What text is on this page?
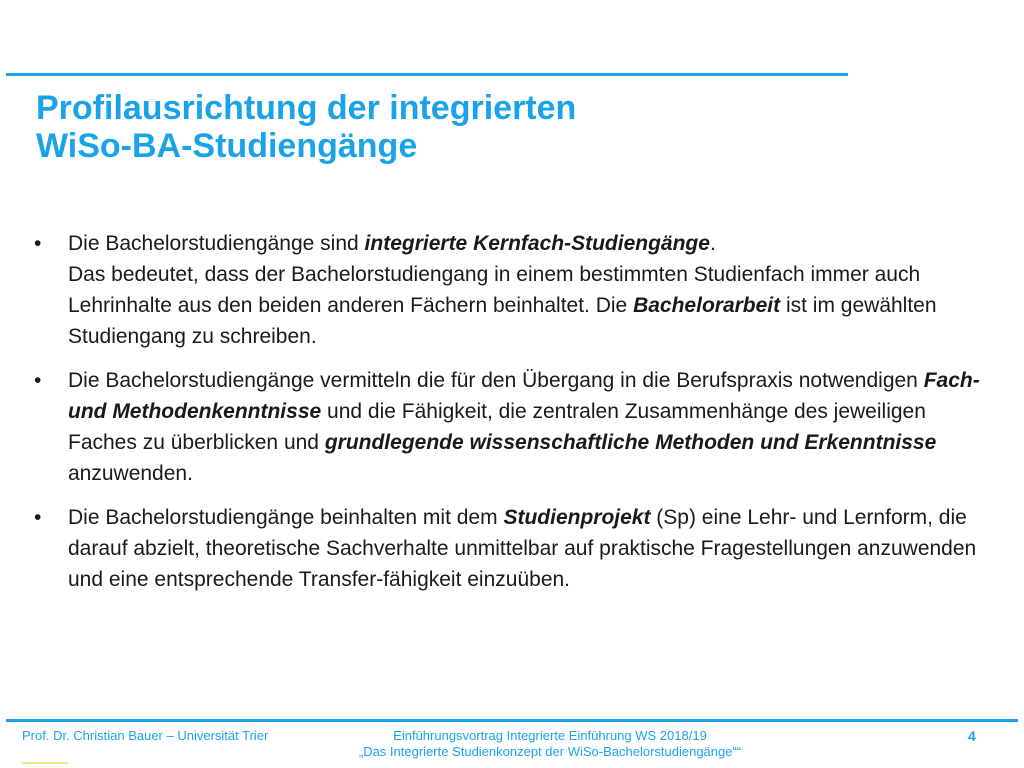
Profilausrichtung der integrierten
WiSo-BA-Studiengänge
•	Die Bachelorstudiengänge sind integrierte Kernfach-Studiengänge.
Das bedeutet, dass der Bachelorstudiengang in einem bestimmten Studienfach immer auch Lehrinhalte aus den beiden anderen Fächern beinhaltet. Die Bachelorarbeit ist im gewählten Studiengang zu schreiben.
•	Die Bachelorstudiengänge vermitteln die für den Übergang in die Berufspraxis notwendigen Fach- und Methodenkenntnisse und die Fähigkeit, die zentralen Zusammenhänge des jeweiligen Faches zu überblicken und grundlegende wissenschaftliche Methoden und Erkenntnisse anzuwenden.
•	Die Bachelorstudiengänge beinhalten mit dem Studienprojekt (Sp) eine Lehr- und Lernform, die darauf abzielt, theoretische Sachverhalte unmittelbar auf praktische Fragestellungen anzuwenden und eine entsprechende Transfer-fähigkeit einzuüben.
Prof. Dr. Christian Bauer – Universität Trier	Einführungsvortrag Integrierte Einführung WS 2018/19
„Das Integrierte Studienkonzept der WiSo-Bachelorstudiengänge““
4
